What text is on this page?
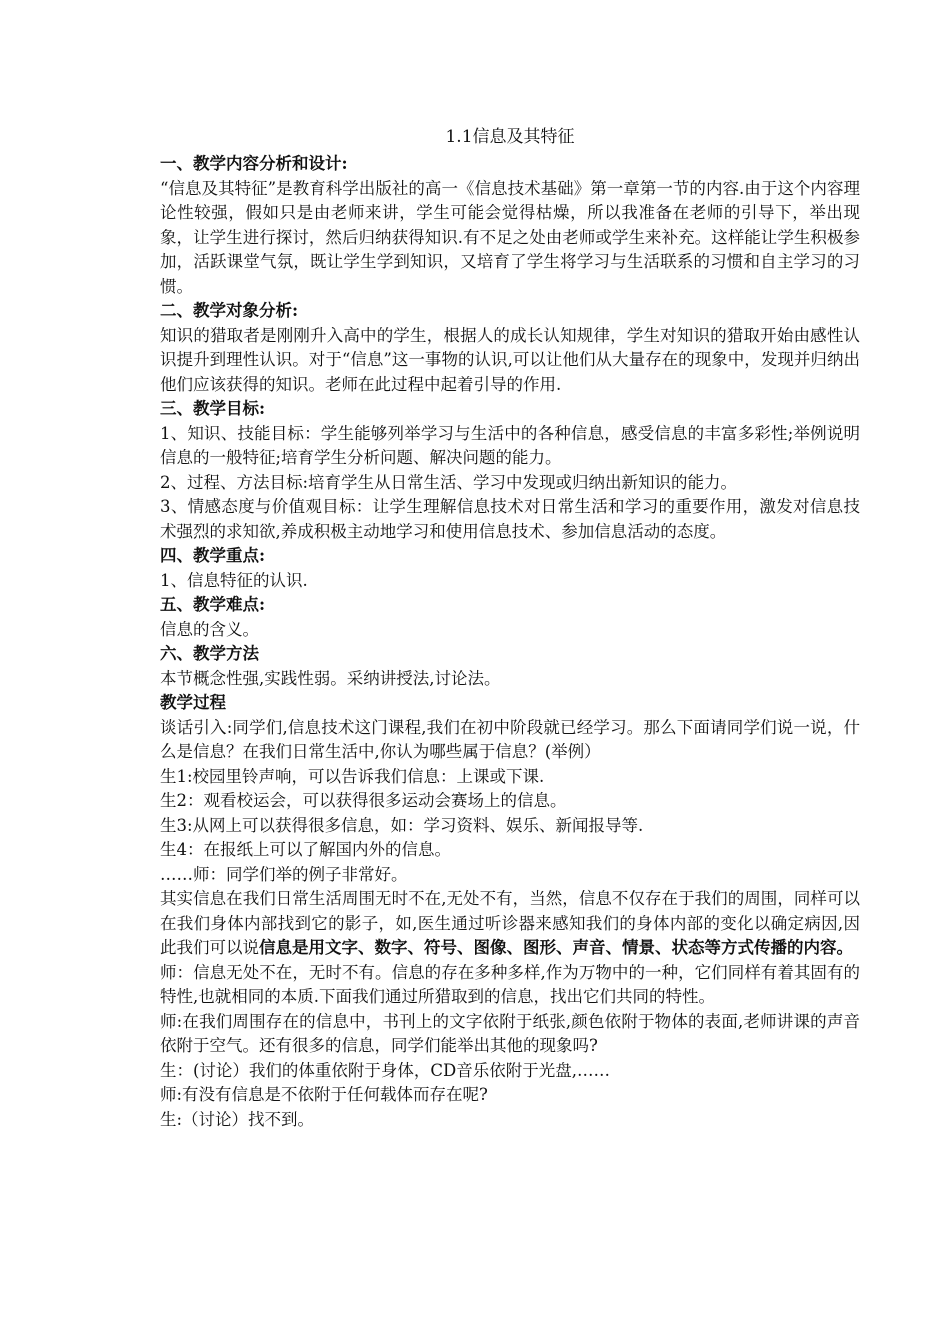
1.1信息及其特征

一、教学内容分析和设计:

“信息及其特征”是教育科学出版社的高一《信息技术基础》第一章第一节的内容.由于这个内容理论性较强，假如只是由老师来讲，学生可能会觉得枯燥，所以我准备在老师的引导下，举出现象，让学生进行探讨，然后归纳获得知识.有不足之处由老师或学生来补充。这样能让学生积极参加，活跃课堂气氛，既让学生学到知识，又培育了学生将学习与生活联系的习惯和自主学习的习惯。

二、教学对象分析:

知识的猎取者是刚刚升入高中的学生，根据人的成长认知规律，学生对知识的猎取开始由感性认识提升到理性认识。对于“信息”这一事物的认识,可以让他们从大量存在的现象中，发现并归纳出他们应该获得的知识。老师在此过程中起着引导的作用.

三、教学目标:

1、知识、技能目标：学生能够列举学习与生活中的各种信息，感受信息的丰富多彩性;举例说明信息的一般特征;培育学生分析问题、解决问题的能力。

2、过程、方法目标:培育学生从日常生活、学习中发现或归纳出新知识的能力。

3、情感态度与价值观目标：让学生理解信息技术对日常生活和学习的重要作用，激发对信息技术强烈的求知欲,养成积极主动地学习和使用信息技术、参加信息活动的态度。

四、教学重点:

1、信息特征的认识.

五、教学难点:

信息的含义。

六、教学方法

本节概念性强,实践性弱。采纳讲授法,讨论法。

教学过程

谈话引入:同学们,信息技术这门课程,我们在初中阶段就已经学习。那么下面请同学们说一说，什么是信息？在我们日常生活中,你认为哪些属于信息？(举例）

生1:校园里铃声响，可以告诉我们信息：上课或下课.

生2：观看校运会，可以获得很多运动会赛场上的信息。

生3:从网上可以获得很多信息，如：学习资料、娱乐、新闻报导等.

生4：在报纸上可以了解国内外的信息。

……师：同学们举的例子非常好。

其实信息在我们日常生活周围无时不在,无处不有，当然，信息不仅存在于我们的周围，同样可以在我们身体内部找到它的影子，如,医生通过听诊器来感知我们的身体内部的变化以确定病因,因此我们可以说信息是用文字、数字、符号、图像、图形、声音、情景、状态等方式传播的内容。

师：信息无处不在，无时不有。信息的存在多种多样,作为万物中的一种，它们同样有着其固有的特性,也就相同的本质.下面我们通过所猎取到的信息，找出它们共同的特性。

师:在我们周围存在的信息中，书刊上的文字依附于纸张,颜色依附于物体的表面,老师讲课的声音依附于空气。还有很多的信息，同学们能举出其他的现象吗?

生：(讨论）我们的体重依附于身体，CD音乐依附于光盘,……

师:有没有信息是不依附于任何载体而存在呢?

生:（讨论）找不到。
